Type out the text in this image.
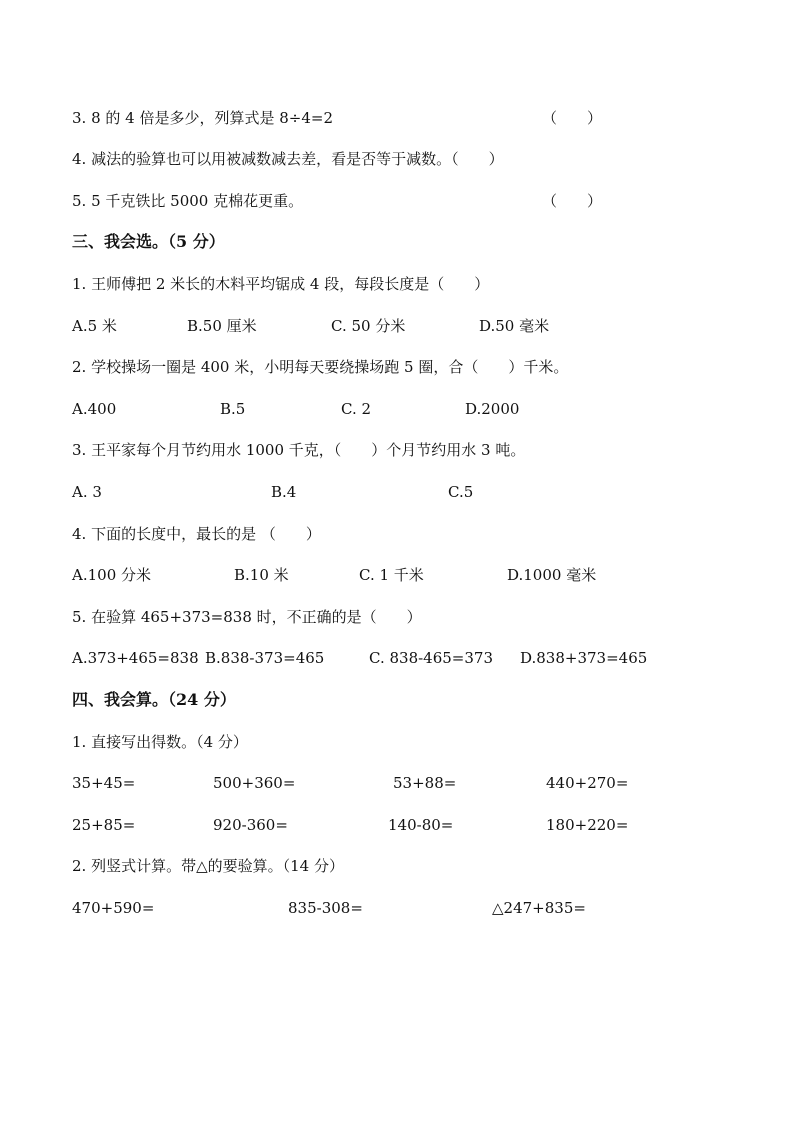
3. 8 的 4 倍是多少，列算式是 8÷4=2	（　　）
4. 减法的验算也可以用被减数减去差，看是否等于减数。（　　）
5. 5 千克铁比 5000 克棉花更重。	（　　）
三、我会选。（5 分）
1. 王师傅把 2 米长的木料平均锯成 4 段，每段长度是（　　）
A.5 米	B.50 厘米	C. 50 分米	D.50 毫米
2. 学校操场一圈是 400 米，小明每天要绕操场跑 5 圈，合（　　）千米。
A.400	B.5	C. 2	D.2000
3. 王平家每个月节约用水 1000 千克，（　　）个月节约用水 3 吨。
A. 3	B.4	C.5
4. 下面的长度中，最长的是 （　　）
A.100 分米	B.10 米	C. 1 千米	D.1000 毫米
5. 在验算 465+373=838 时，不正确的是（　　）
A.373+465=838 B.838-373=465	C. 838-465=373 D.838+373=465
四、我会算。（24 分）
1. 直接写出得数。（4 分）
35+45=	500+360=	53+88=	440+270=
25+85=	920-360=	140-80=	180+220=
2. 列竖式计算。带△的要验算。（14 分）
470+590=	835-308=	△247+835=
